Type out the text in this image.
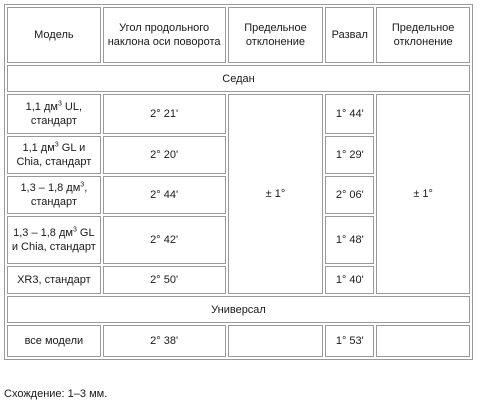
Модель	Угол продольного наклона оси поворота	Предельное отклонение	Развал	Предельное отклонение
Седан				
1,1 $дм^3$ UL, стандарт	2° 21'	± 1°	1° 44'	± 1°
1,1 $дм^3$ GL и Chia, стандарт	2° 20'		1° 29'	
1,3 – 1,8 $дм^3$, стандарт	2° 44'		2° 06'	
1,3 – 1,8 $дм^3$ GL и Chia, стандарт	2° 42'		1° 48'	
XR3, стандарт	2° 50'		1° 40'	
Универсал				
все модели	2° 38'		1° 53'	
Схождение: 1–3 мм.
